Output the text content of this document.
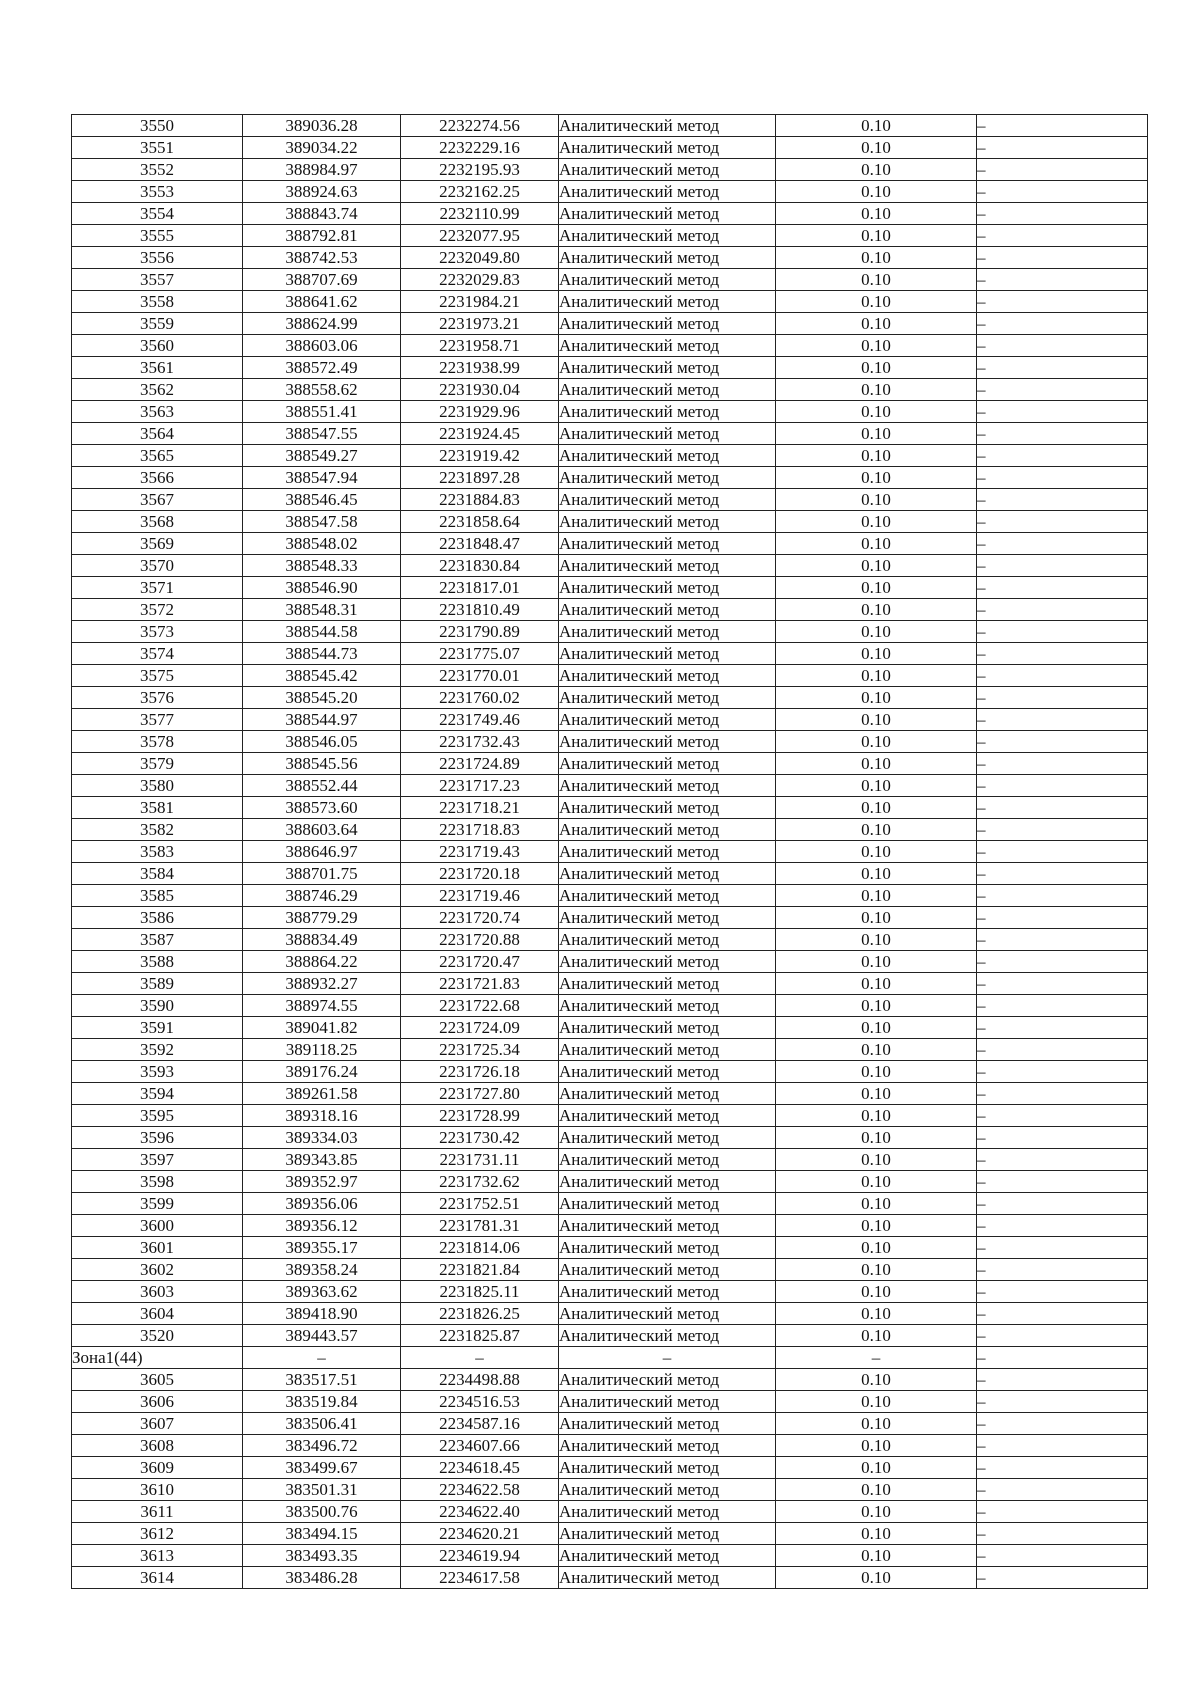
3550	389036.28	2232274.56	Аналитический метод	0.10	–
3551	389034.22	2232229.16	Аналитический метод	0.10	–
3552	388984.97	2232195.93	Аналитический метод	0.10	–
3553	388924.63	2232162.25	Аналитический метод	0.10	–
3554	388843.74	2232110.99	Аналитический метод	0.10	–
3555	388792.81	2232077.95	Аналитический метод	0.10	–
3556	388742.53	2232049.80	Аналитический метод	0.10	–
3557	388707.69	2232029.83	Аналитический метод	0.10	–
3558	388641.62	2231984.21	Аналитический метод	0.10	–
3559	388624.99	2231973.21	Аналитический метод	0.10	–
3560	388603.06	2231958.71	Аналитический метод	0.10	–
3561	388572.49	2231938.99	Аналитический метод	0.10	–
3562	388558.62	2231930.04	Аналитический метод	0.10	–
3563	388551.41	2231929.96	Аналитический метод	0.10	–
3564	388547.55	2231924.45	Аналитический метод	0.10	–
3565	388549.27	2231919.42	Аналитический метод	0.10	–
3566	388547.94	2231897.28	Аналитический метод	0.10	–
3567	388546.45	2231884.83	Аналитический метод	0.10	–
3568	388547.58	2231858.64	Аналитический метод	0.10	–
3569	388548.02	2231848.47	Аналитический метод	0.10	–
3570	388548.33	2231830.84	Аналитический метод	0.10	–
3571	388546.90	2231817.01	Аналитический метод	0.10	–
3572	388548.31	2231810.49	Аналитический метод	0.10	–
3573	388544.58	2231790.89	Аналитический метод	0.10	–
3574	388544.73	2231775.07	Аналитический метод	0.10	–
3575	388545.42	2231770.01	Аналитический метод	0.10	–
3576	388545.20	2231760.02	Аналитический метод	0.10	–
3577	388544.97	2231749.46	Аналитический метод	0.10	–
3578	388546.05	2231732.43	Аналитический метод	0.10	–
3579	388545.56	2231724.89	Аналитический метод	0.10	–
3580	388552.44	2231717.23	Аналитический метод	0.10	–
3581	388573.60	2231718.21	Аналитический метод	0.10	–
3582	388603.64	2231718.83	Аналитический метод	0.10	–
3583	388646.97	2231719.43	Аналитический метод	0.10	–
3584	388701.75	2231720.18	Аналитический метод	0.10	–
3585	388746.29	2231719.46	Аналитический метод	0.10	–
3586	388779.29	2231720.74	Аналитический метод	0.10	–
3587	388834.49	2231720.88	Аналитический метод	0.10	–
3588	388864.22	2231720.47	Аналитический метод	0.10	–
3589	388932.27	2231721.83	Аналитический метод	0.10	–
3590	388974.55	2231722.68	Аналитический метод	0.10	–
3591	389041.82	2231724.09	Аналитический метод	0.10	–
3592	389118.25	2231725.34	Аналитический метод	0.10	–
3593	389176.24	2231726.18	Аналитический метод	0.10	–
3594	389261.58	2231727.80	Аналитический метод	0.10	–
3595	389318.16	2231728.99	Аналитический метод	0.10	–
3596	389334.03	2231730.42	Аналитический метод	0.10	–
3597	389343.85	2231731.11	Аналитический метод	0.10	–
3598	389352.97	2231732.62	Аналитический метод	0.10	–
3599	389356.06	2231752.51	Аналитический метод	0.10	–
3600	389356.12	2231781.31	Аналитический метод	0.10	–
3601	389355.17	2231814.06	Аналитический метод	0.10	–
3602	389358.24	2231821.84	Аналитический метод	0.10	–
3603	389363.62	2231825.11	Аналитический метод	0.10	–
3604	389418.90	2231826.25	Аналитический метод	0.10	–
3520	389443.57	2231825.87	Аналитический метод	0.10	–
Зона1(44)	–	–	–	–	–
3605	383517.51	2234498.88	Аналитический метод	0.10	–
3606	383519.84	2234516.53	Аналитический метод	0.10	–
3607	383506.41	2234587.16	Аналитический метод	0.10	–
3608	383496.72	2234607.66	Аналитический метод	0.10	–
3609	383499.67	2234618.45	Аналитический метод	0.10	–
3610	383501.31	2234622.58	Аналитический метод	0.10	–
3611	383500.76	2234622.40	Аналитический метод	0.10	–
3612	383494.15	2234620.21	Аналитический метод	0.10	–
3613	383493.35	2234619.94	Аналитический метод	0.10	–
3614	383486.28	2234617.58	Аналитический метод	0.10	–
